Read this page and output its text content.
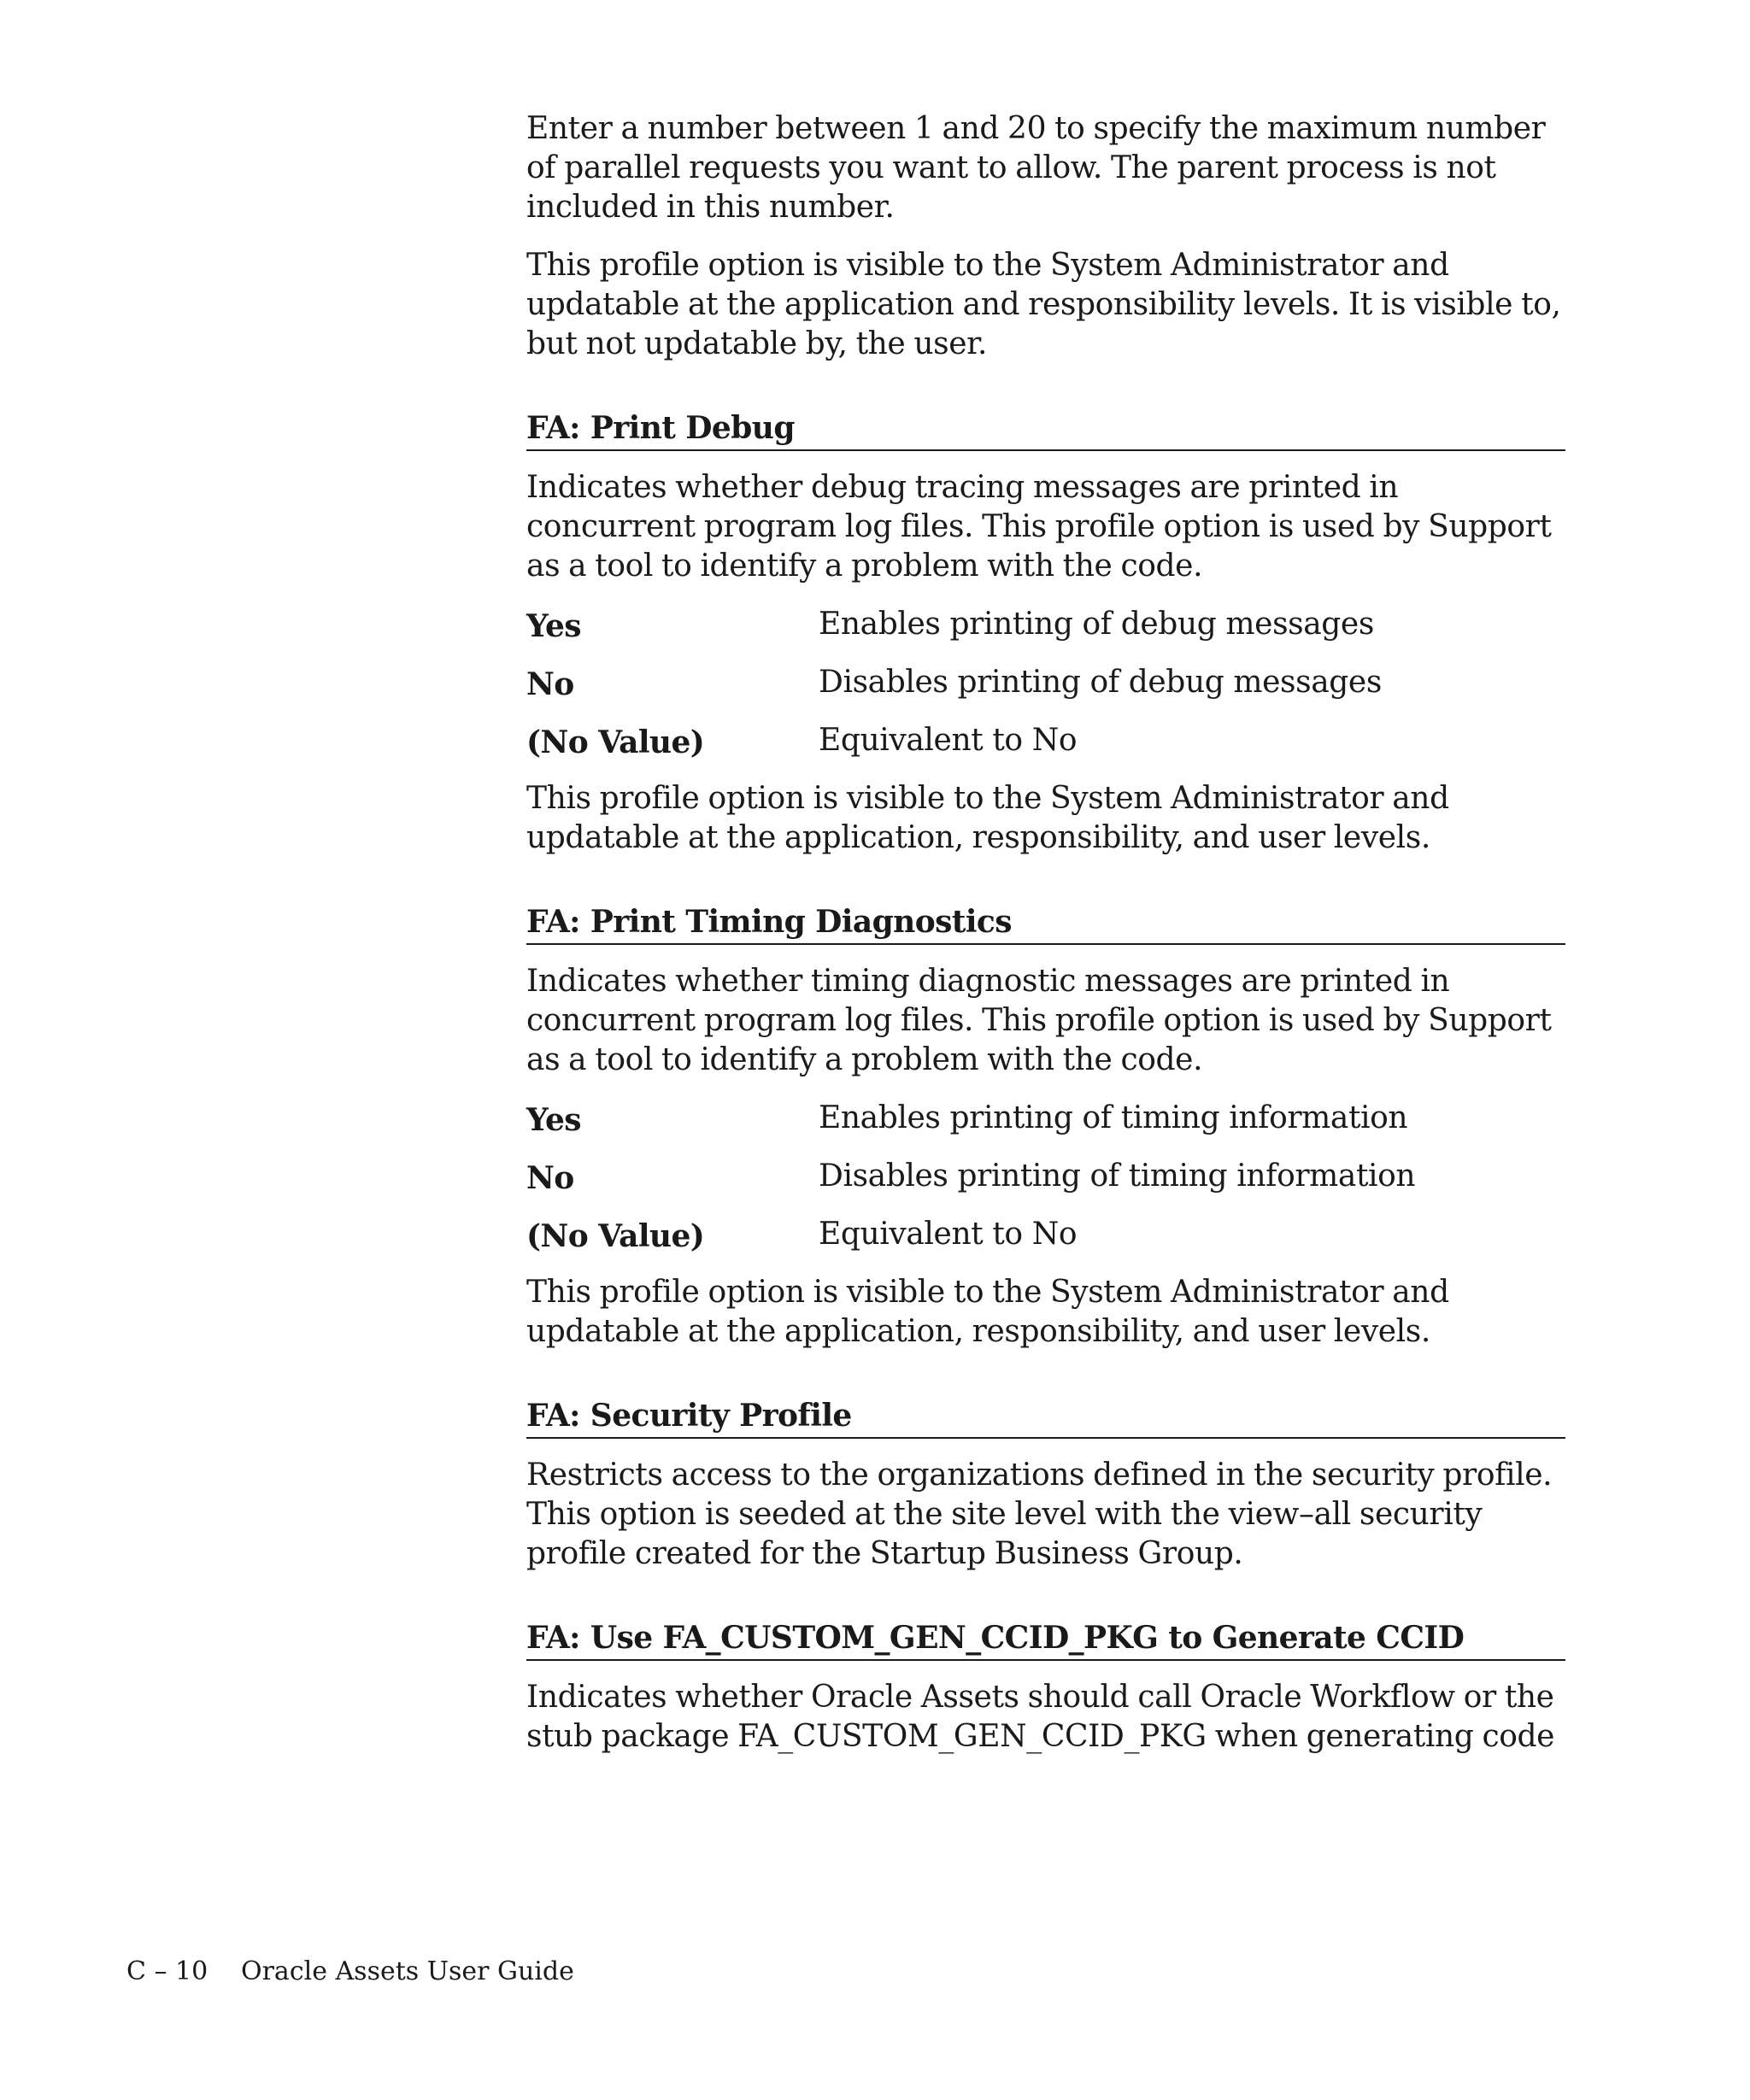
Enter a number between 1 and 20 to specify the maximum number of parallel requests you want to allow. The parent process is not included in this number.

This profile option is visible to the System Administrator and updatable at the application and responsibility levels. It is visible to, but not updatable by, the user.

FA: Print Debug

Indicates whether debug tracing messages are printed in concurrent program log files. This profile option is used by Support as a tool to identify a problem with the code.

Yes	Enables printing of debug messages
No	Disables printing of debug messages
(No Value)	Equivalent to No

This profile option is visible to the System Administrator and updatable at the application, responsibility, and user levels.

FA: Print Timing Diagnostics

Indicates whether timing diagnostic messages are printed in concurrent program log files. This profile option is used by Support as a tool to identify a problem with the code.

Yes	Enables printing of timing information
No	Disables printing of timing information
(No Value)	Equivalent to No

This profile option is visible to the System Administrator and updatable at the application, responsibility, and user levels.

FA: Security Profile

Restricts access to the organizations defined in the security profile. This option is seeded at the site level with the view–all security profile created for the Startup Business Group.

FA: Use FA_CUSTOM_GEN_CCID_PKG to Generate CCID

Indicates whether Oracle Assets should call Oracle Workflow or the stub package FA_CUSTOM_GEN_CCID_PKG when generating code

C – 10	Oracle Assets User Guide
